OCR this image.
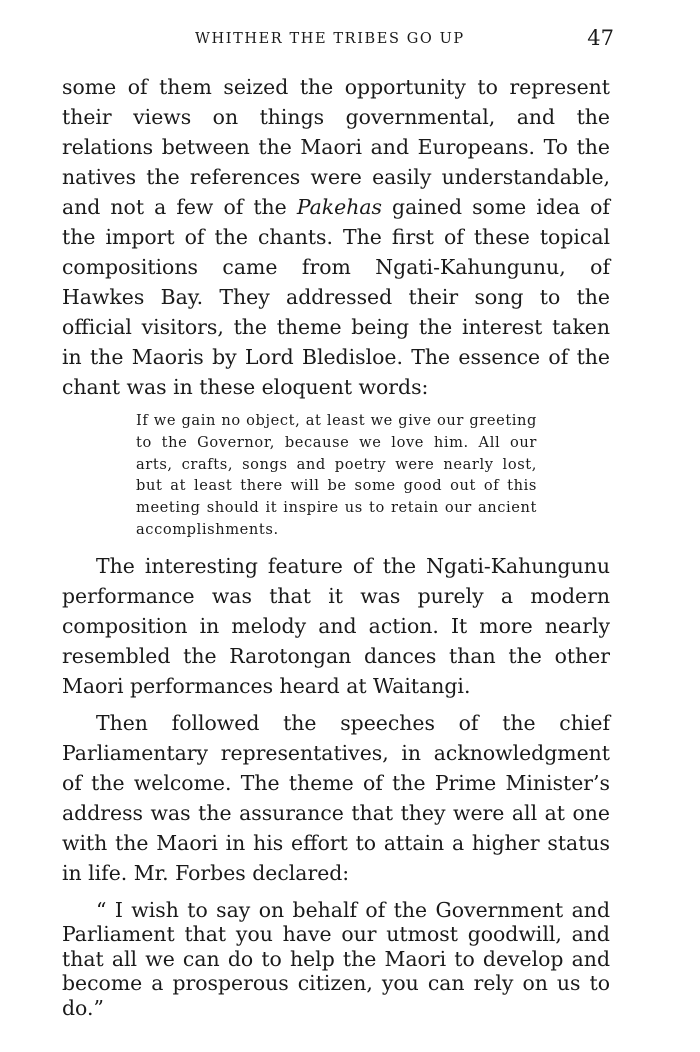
WHITHER THE TRIBES GO UP	47

some of them seized the opportunity to represent their views on things governmental, and the relations between the Maori and Europeans. To the natives the references were easily understandable, and not a few of the Pakehas gained some idea of the import of the chants. The first of these topical compositions came from Ngati-Kahungunu, of Hawkes Bay. They addressed their song to the official visitors, the theme being the interest taken in the Maoris by Lord Bledisloe. The essence of the chant was in these eloquent words:

If we gain no object, at least we give our greeting to the Governor, because we love him. All our arts, crafts, songs and poetry were nearly lost, but at least there will be some good out of this meeting should it inspire us to retain our ancient accomplishments.

The interesting feature of the Ngati-Kahungunu performance was that it was purely a modern composition in melody and action. It more nearly resembled the Rarotongan dances than the other Maori performances heard at Waitangi.

Then followed the speeches of the chief Parliamentary representatives, in acknowledgment of the welcome. The theme of the Prime Minister’s address was the assurance that they were all at one with the Maori in his effort to attain a higher status in life. Mr. Forbes declared:

“ I wish to say on behalf of the Government and Parliament that you have our utmost goodwill, and that all we can do to help the Maori to develop and become a prosperous citizen, you can rely on us to do.”
